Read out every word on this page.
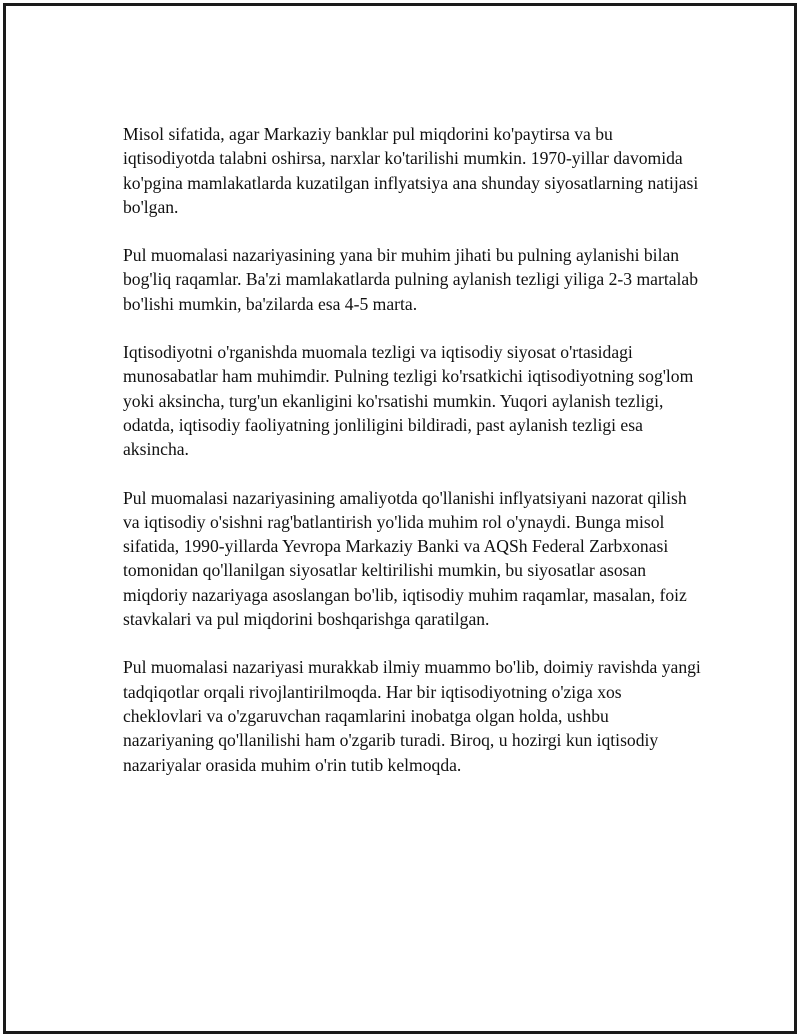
Misol sifatida, agar Markaziy banklar pul miqdorini ko'paytirsa va bu iqtisodiyotda talabni oshirsa, narxlar ko'tarilishi mumkin. 1970-yillar davomida ko'pgina mamlakatlarda kuzatilgan inflyatsiya ana shunday siyosatlarning natijasi bo'lgan.

Pul muomalasi nazariyasining yana bir muhim jihati bu pulning aylanishi bilan bog'liq raqamlar. Ba'zi mamlakatlarda pulning aylanish tezligi yiliga 2-3 martalab bo'lishi mumkin, ba'zilarda esa 4-5 marta.

Iqtisodiyotni o'rganishda muomala tezligi va iqtisodiy siyosat o'rtasidagi munosabatlar ham muhimdir. Pulning tezligi ko'rsatkichi iqtisodiyotning sog'lom yoki aksincha, turg'un ekanligini ko'rsatishi mumkin. Yuqori aylanish tezligi, odatda, iqtisodiy faoliyatning jonliligini bildiradi, past aylanish tezligi esa aksincha.

Pul muomalasi nazariyasining amaliyotda qo'llanishi inflyatsiyani nazorat qilish va iqtisodiy o'sishni rag'batlantirish yo'lida muhim rol o'ynaydi. Bunga misol sifatida, 1990-yillarda Yevropa Markaziy Banki va AQSh Federal Zarbxonasi tomonidan qo'llanilgan siyosatlar keltirilishi mumkin, bu siyosatlar asosan miqdoriy nazariyaga asoslangan bo'lib, iqtisodiy muhim raqamlar, masalan, foiz stavkalari va pul miqdorini boshqarishga qaratilgan.

Pul muomalasi nazariyasi murakkab ilmiy muammo bo'lib, doimiy ravishda yangi tadqiqotlar orqali rivojlantirilmoqda. Har bir iqtisodiyotning o'ziga xos cheklovlari va o'zgaruvchan raqamlarini inobatga olgan holda, ushbu nazariyaning qo'llanilishi ham o'zgarib turadi. Biroq, u hozirgi kun iqtisodiy nazariyalar orasida muhim o'rin tutib kelmoqda.
